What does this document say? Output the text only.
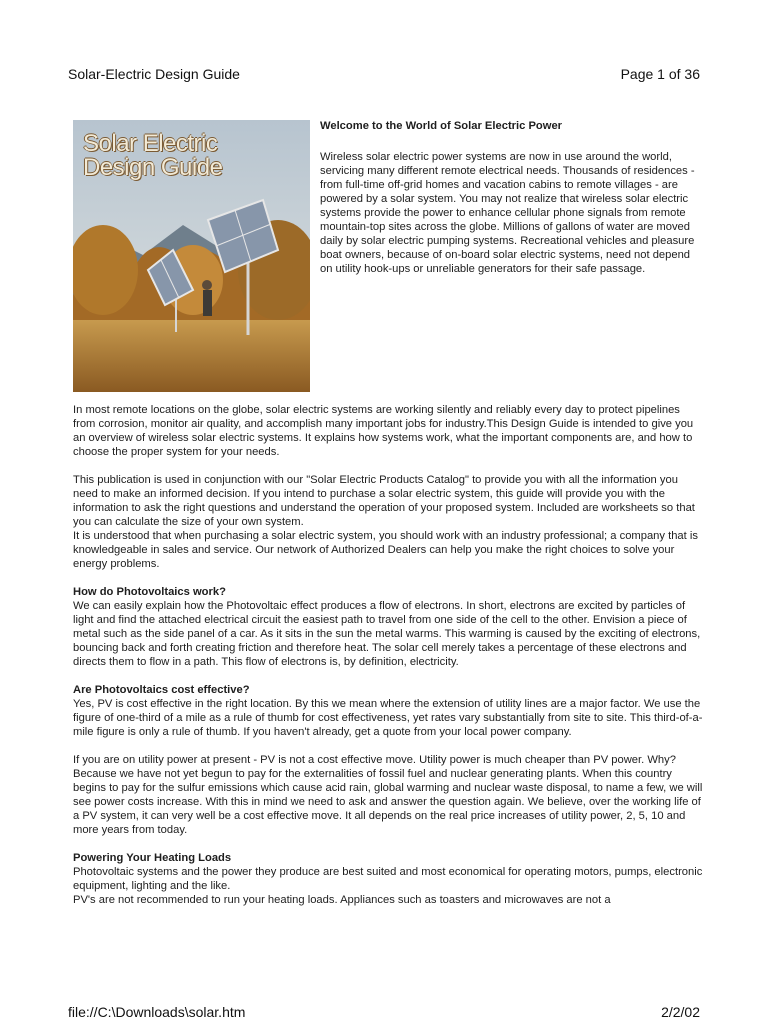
Solar-Electric Design Guide	Page 1 of 36
Solar Electric
Design Guide
Welcome to the World of Solar Electric Power

Wireless solar electric power systems are now in use around the world, servicing many different remote electrical needs. Thousands of residences - from full-time off-grid homes and vacation cabins to remote villages - are powered by a solar system. You may not realize that wireless solar electric systems provide the power to enhance cellular phone signals from remote mountain-top sites across the globe. Millions of gallons of water are moved daily by solar electric pumping systems. Recreational vehicles and pleasure boat owners, because of on-board solar electric systems, need not depend on utility hook-ups or unreliable generators for their safe passage.

In most remote locations on the globe, solar electric systems are working silently and reliably every day to protect pipelines from corrosion, monitor air quality, and accomplish many important jobs for industry.This Design Guide is intended to give you an overview of wireless solar electric systems. It explains how systems work, what the important components are, and how to choose the proper system for your needs.

This publication is used in conjunction with our "Solar Electric Products Catalog" to provide you with all the information you need to make an informed decision. If you intend to purchase a solar electric system, this guide will provide you with the information to ask the right questions and understand the operation of your proposed system. Included are worksheets so that you can calculate the size of your own system.

It is understood that when purchasing a solar electric system, you should work with an industry professional; a company that is knowledgeable in sales and service. Our network of Authorized Dealers can help you make the right choices to solve your energy problems.

How do Photovoltaics work?

We can easily explain how the Photovoltaic effect produces a flow of electrons. In short, electrons are excited by particles of light and find the attached electrical circuit the easiest path to travel from one side of the cell to the other. Envision a piece of metal such as the side panel of a car. As it sits in the sun the metal warms. This warming is caused by the exciting of electrons, bouncing back and forth creating friction and therefore heat. The solar cell merely takes a percentage of these electrons and directs them to flow in a path. This flow of electrons is, by definition, electricity.

Are Photovoltaics cost effective?

Yes, PV is cost effective in the right location. By this we mean where the extension of utility lines are a major factor. We use the figure of one-third of a mile as a rule of thumb for cost effectiveness, yet rates vary substantially from site to site. This third-of-a-mile figure is only a rule of thumb. If you haven't already, get a quote from your local power company.

If you are on utility power at present - PV is not a cost effective move. Utility power is much cheaper than PV power. Why? Because we have not yet begun to pay for the externalities of fossil fuel and nuclear generating plants. When this country begins to pay for the sulfur emissions which cause acid rain, global warming and nuclear waste disposal, to name a few, we will see power costs increase. With this in mind we need to ask and answer the question again. We believe, over the working life of a PV system, it can very well be a cost effective move. It all depends on the real price increases of utility power, 2, 5, 10 and more years from today.

Powering Your Heating Loads

Photovoltaic systems and the power they produce are best suited and most economical for operating motors, pumps, electronic equipment, lighting and the like.

PV's are not recommended to run your heating loads. Appliances such as toasters and microwaves are not a

file://C:\Downloads\solar.htm	2/2/02
